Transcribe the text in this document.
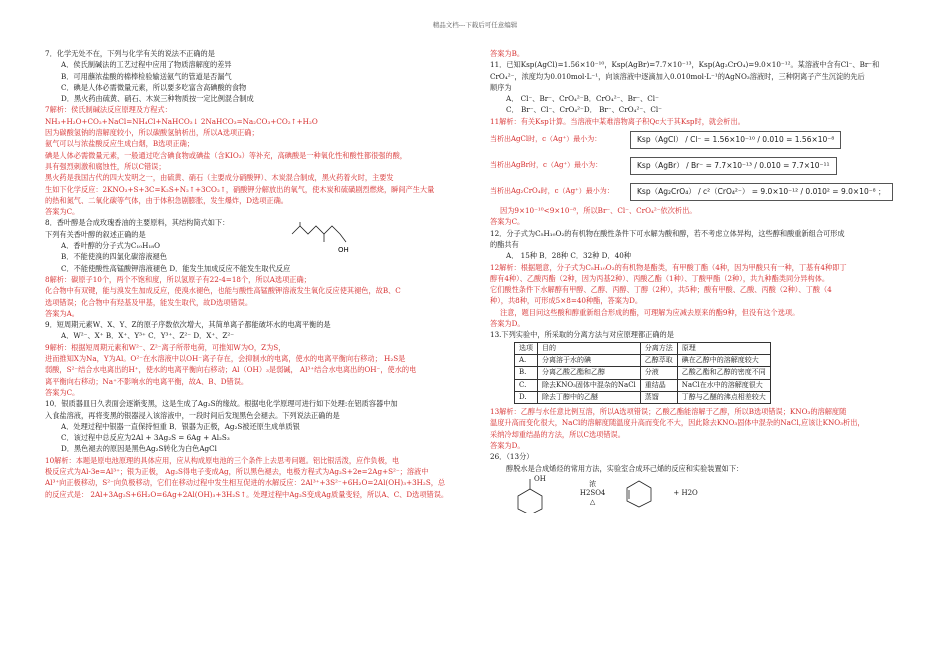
精品文档---下载后可任意编辑

7．化学无处不在，下列与化学有关的说法不正确的是

A．侯氏制碱法的工艺过程中应用了物质溶解度的差异

B．可用蘸浓盐酸的棉棒检验输送氨气的管道是否漏气

C．碘是人体必需微量元素，所以要多吃富含高碘酸的食物

D．黑火药由硫黄、硝石、木炭三种物质按一定比例混合制成

7解析：侯氏制碱法反应原理及方程式：

NH₃+H₂O+CO₂+NaCl=NH₄Cl+NaHCO₃↓ 2NaHCO₃=Na₂CO₃+CO₂↑+H₂O

因为碳酸氢钠的溶解度较小，所以碳酸氢钠析出，所以A选项正确；

氨气可以与浓盐酸反应生成白烟，B选项正确；

碘是人体必需微量元素，一般通过吃含碘食物或碘盐（含KIO₃）等补充，高碘酸是一种氧化性和酸性都很强的酸，

具有强烈刺激和腐蚀性，所以C错误；

黑火药是我国古代的四大发明之一，由硫黄、硝石（主要成分硝酸钾）、木炭混合制成，黑火药着火时，主要发

生如下化学反应：2KNO₃+S+3C=K₂S+N₂↑+3CO₂↑，硝酸钾分解放出的氧气，使木炭和硫磺剧烈燃烧，瞬间产生大量

的热和氮气、二氧化碳等气体，由于体积急剧膨胀，发生爆炸，D选项正确。

答案为C。

8．香叶醇是合成玫瑰香油的主要原料，其结构简式如下：

下列有关香叶醇的叙述正确的是

A．香叶醇的分子式为C₁₀H₁₈O

B．不能使溴的四氯化碳溶液褪色

C．不能使酸性高锰酸钾溶液褪色 D．能发生加成反应不能发生取代反应

8解析：碳原子10个，两个不饱和度，所以氢原子有22-4=18个，所以A选项正确；

化合物中有双键，能与溴发生加成反应，使溴水褪色，也能与酸性高锰酸钾溶液发生氧化反应使其褪色，故B、C

选项错误；化合物中有羟基及甲基，能发生取代，故D选项错误。

答案为A。

9．短周期元素W、X、Y、Z的原子序数依次增大，其简单离子都能破坏水的电离平衡的是

A．W²⁻、X⁺ B．X⁺、Y³⁺ C．Y³⁺、Z²⁻ D．X⁺、Z²⁻

9解析：根据短周期元素和W²⁻、Z²⁻离子所带电荷，可推知W为O，Z为S，

进而推知X为Na，Y为Al。O²⁻在水溶液中以OH⁻离子存在，会抑制水的电离，使水的电离平衡向右移动； H₂S是

弱酸，S²⁻结合水电离出的H⁺，使水的电离平衡向右移动；Al（OH）₃是弱碱， Al³⁺结合水电离出的OH⁻，使水的电

离平衡向右移动；Na⁺不影响水的电离平衡，故A、B、D错误。

答案为C。

10．银质器皿日久表面会逐渐变黑，这是生成了Ag₂S的缘故。根据电化学原理可进行如下处理:在铝质容器中加

入食盐溶液，再将变黑的银器浸入该溶液中，一段时间后发现黑色会褪去。下列说法正确的是

A．处理过程中银器一直保持恒重 B．银器为正极，Ag₂S被还原生成单质银

C．该过程中总反应为2Al + 3Ag₂S = 6Ag + Al₂S₃

D．黑色褪去的原因是黑色Ag₂S转化为白色AgCl

10解析：本题是原电池原理的具体应用，应从构成原电池的三个条件上去思考问题。铝比银活泼，应作负极，电

极反应式为Al-3e=Al³⁺；银为正极， Ag₂S得电子变成Ag，所以黑色褪去，电极方程式为Ag₂S+2e=2Ag+S²⁻；溶液中

Al³⁺向正极移动，S²⁻向负极移动，它们在移动过程中发生相互促进的水解反应：2Al³⁺+3S²⁻+6H₂O=2Al(OH)₃+3H₂S，总

的反应式是： 2Al+3Ag₂S+6H₂O=6Ag+2Al(OH)₃+3H₂S↑。处理过程中Ag₂S变成Ag质量变轻，所以A、C、D选项错误。

答案为B。

11．已知Ksp(AgCl)=1.56×10⁻¹⁰，Ksp(AgBr)=7.7×10⁻¹³，Ksp(Ag₂CrO₄)=9.0×10⁻¹²。某溶液中含有Cl⁻、Br⁻和

CrO₄²⁻，浓度均为0.010mol·L⁻¹，向该溶液中逐滴加入0.010mol·L⁻¹的AgNO₃溶液时，三种阴离子产生沉淀的先后

顺序为

A． Cl⁻、Br⁻、CrO₄²⁻B．CrO₄²⁻、Br⁻、Cl⁻

C． Br⁻、Cl⁻、CrO₄²⁻D． Br⁻、CrO₄²⁻、Cl⁻

11解析：有关Ksp计算。当溶液中某难溶物离子积Qc大于其Ksp时，就会析出。

当析出AgCl时，c（Ag⁺）最小为：	Ksp（AgCl） / Cl⁻ = 1.56×10⁻¹⁰ / 0.010 = 1.56×10⁻⁸
当析出AgBr时，c（Ag⁺）最小为：	Ksp（AgBr） / Br⁻ = 7.7×10⁻¹³ / 0.010 = 7.7×10⁻¹¹
当析出Ag₂CrO₄时，c（Ag⁺）最小为：	Ksp（Ag₂CrO₄） / c²（CrO₄²⁻） = 9.0×10⁻¹² / 0.010² = 9.0×10⁻⁸ ；

因为9×10⁻¹⁰<9×10⁻⁸，所以Br⁻、Cl⁻、CrO₄²⁻依次析出。

答案为C。

12．分子式为C₅H₁₀O₂的有机物在酸性条件下可水解为酸和醇，若不考虑立体异构，这些醇和酸重新组合可形成

的酯共有

A． 15种 B．28种 C．32种 D．40种

12解析：根据题意，分子式为C₅H₁₀O₂的有机物是酯类，有甲酸丁酯（4种，因为甲酸只有一种，丁基有4种即丁

醇有4种）、乙酸丙酯（2种，因为丙基2种）、丙酸乙酯（1种）、丁酸甲酯（2种），共九种酯类同分异构体。

它们酸性条件下水解醇有甲醇、乙醇、丙醇、丁醇（2种），共5种；酸有甲酸、乙酸、丙酸（2种）、丁酸（4

种），共8种，可形成5×8=40种酯，答案为D。

注意，题目问这些酸和醇重新组合形成的酯，可理解为应减去原来的酯9种，但没有这个选项。

答案为D。

13.下列实验中，所采取的分离方法与对应原理都正确的是

选项	目的	分离方法	原理
A.	分离溶于水的碘	乙醇萃取	碘在乙醇中的溶解度较大
B.	分离乙酸乙酯和乙醇	分液	乙酸乙酯和乙醇的密度不同
C.	除去KNO₃固体中混杂的NaCl	重结晶	NaCl在水中的溶解度很大
D.	除去丁醇中的乙醚	蒸馏	丁醇与乙醚的沸点相差较大

13解析：乙醇与水任意比例互溶，所以A选项错误；乙酸乙酯能溶解于乙醇，所以B选项错误；KNO₃的溶解度随

温度升高而变化很大，NaCl的溶解度随温度升高而变化不大，因此除去KNO₃固体中混杂的NaCl,应该让KNO₃析出，

采纳冷却重结晶的方法，所以C选项错误。

答案为D。

26．（13分）

醇脱水是合成烯烃的常用方法，实验室合成环己烯的反应和实验装置如下：

OH
浓
H2SO4
△
+ H2O
OH
